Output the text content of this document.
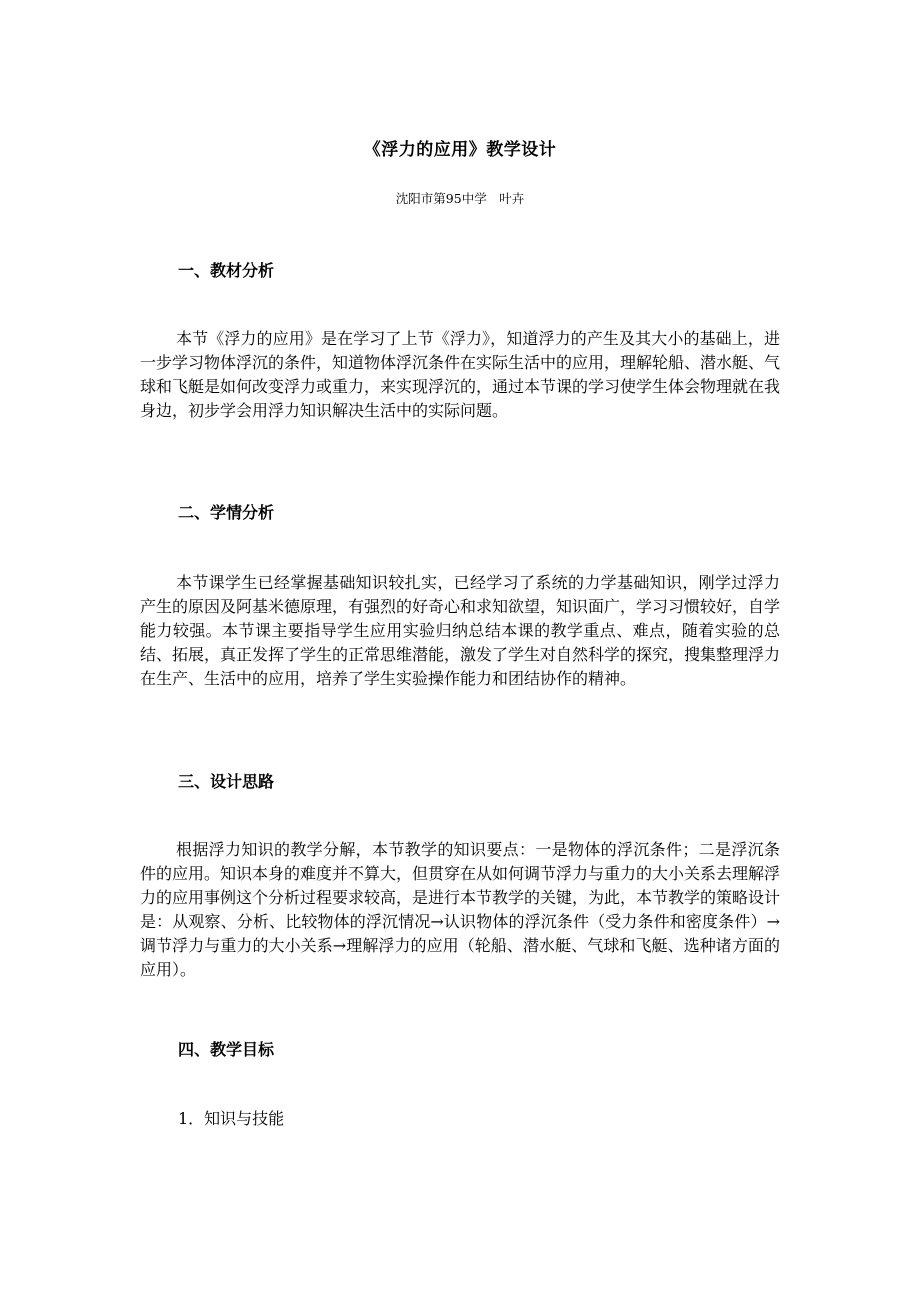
《浮力的应用》教学设计
沈阳市第95中学　叶卉
一、教材分析

本节《浮力的应用》是在学习了上节《浮力》，知道浮力的产生及其大小的基础上，进一步学习物体浮沉的条件，知道物体浮沉条件在实际生活中的应用，理解轮船、潜水艇、气球和飞艇是如何改变浮力或重力，来实现浮沉的，通过本节课的学习使学生体会物理就在我身边，初步学会用浮力知识解决生活中的实际问题。

二、学情分析

本节课学生已经掌握基础知识较扎实，已经学习了系统的力学基础知识，刚学过浮力产生的原因及阿基米德原理，有强烈的好奇心和求知欲望，知识面广，学习习惯较好，自学能力较强。本节课主要指导学生应用实验归纳总结本课的教学重点、难点，随着实验的总结、拓展，真正发挥了学生的正常思维潜能，激发了学生对自然科学的探究，搜集整理浮力在生产、生活中的应用，培养了学生实验操作能力和团结协作的精神。

三、设计思路

根据浮力知识的教学分解，本节教学的知识要点：一是物体的浮沉条件；二是浮沉条件的应用。知识本身的难度并不算大，但贯穿在从如何调节浮力与重力的大小关系去理解浮力的应用事例这个分析过程要求较高，是进行本节教学的关键，为此，本节教学的策略设计是：从观察、分析、比较物体的浮沉情况→认识物体的浮沉条件（受力条件和密度条件）→调节浮力与重力的大小关系→理解浮力的应用（轮船、潜水艇、气球和飞艇、选种诸方面的应用）。

四、教学目标
1．知识与技能
